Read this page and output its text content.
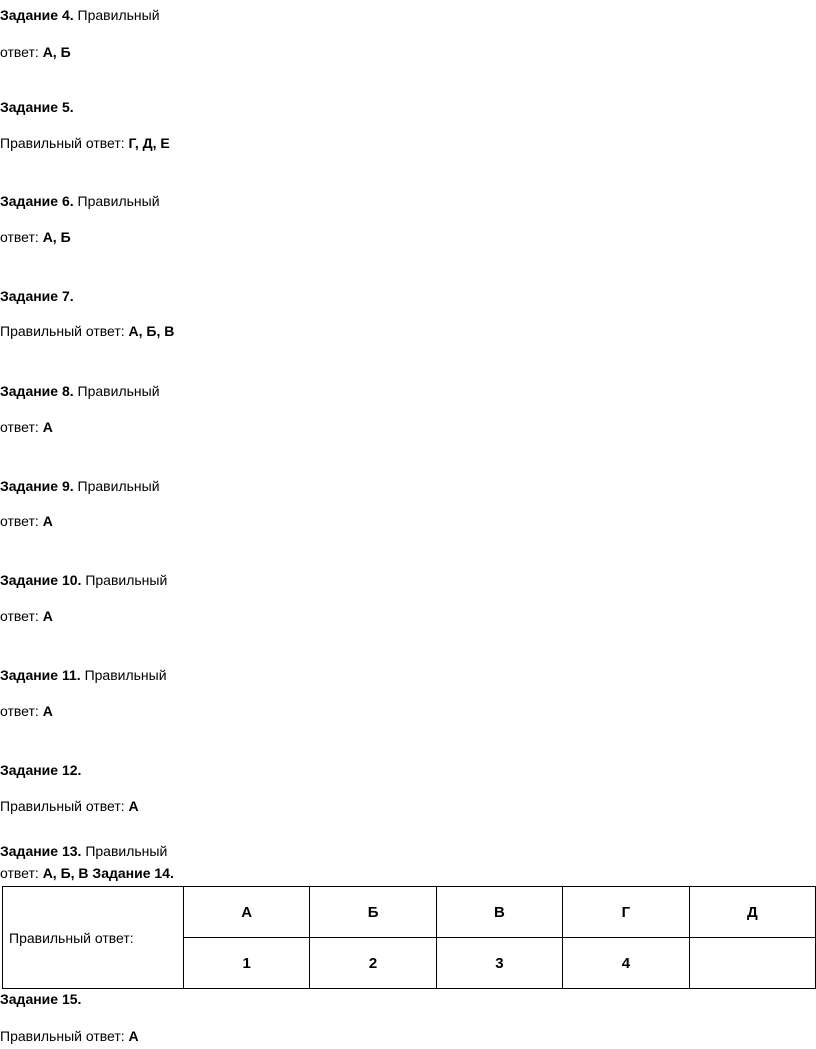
Задание 4. Правильный
ответ: А, Б
Задание 5.
Правильный ответ: Г, Д, Е
Задание 6. Правильный
ответ: А, Б
Задание 7.
Правильный ответ: А, Б, В
Задание 8. Правильный
ответ: А
Задание 9. Правильный
ответ: А
Задание 10. Правильный
ответ: А
Задание 11. Правильный
ответ: А
Задание 12.
Правильный ответ: А
Задание 13. Правильный
ответ: А, Б, В Задание 14.
Правильный ответ:	А	Б	В	Г	Д
	1	2	3	4	
Задание 15.
Правильный ответ: А
